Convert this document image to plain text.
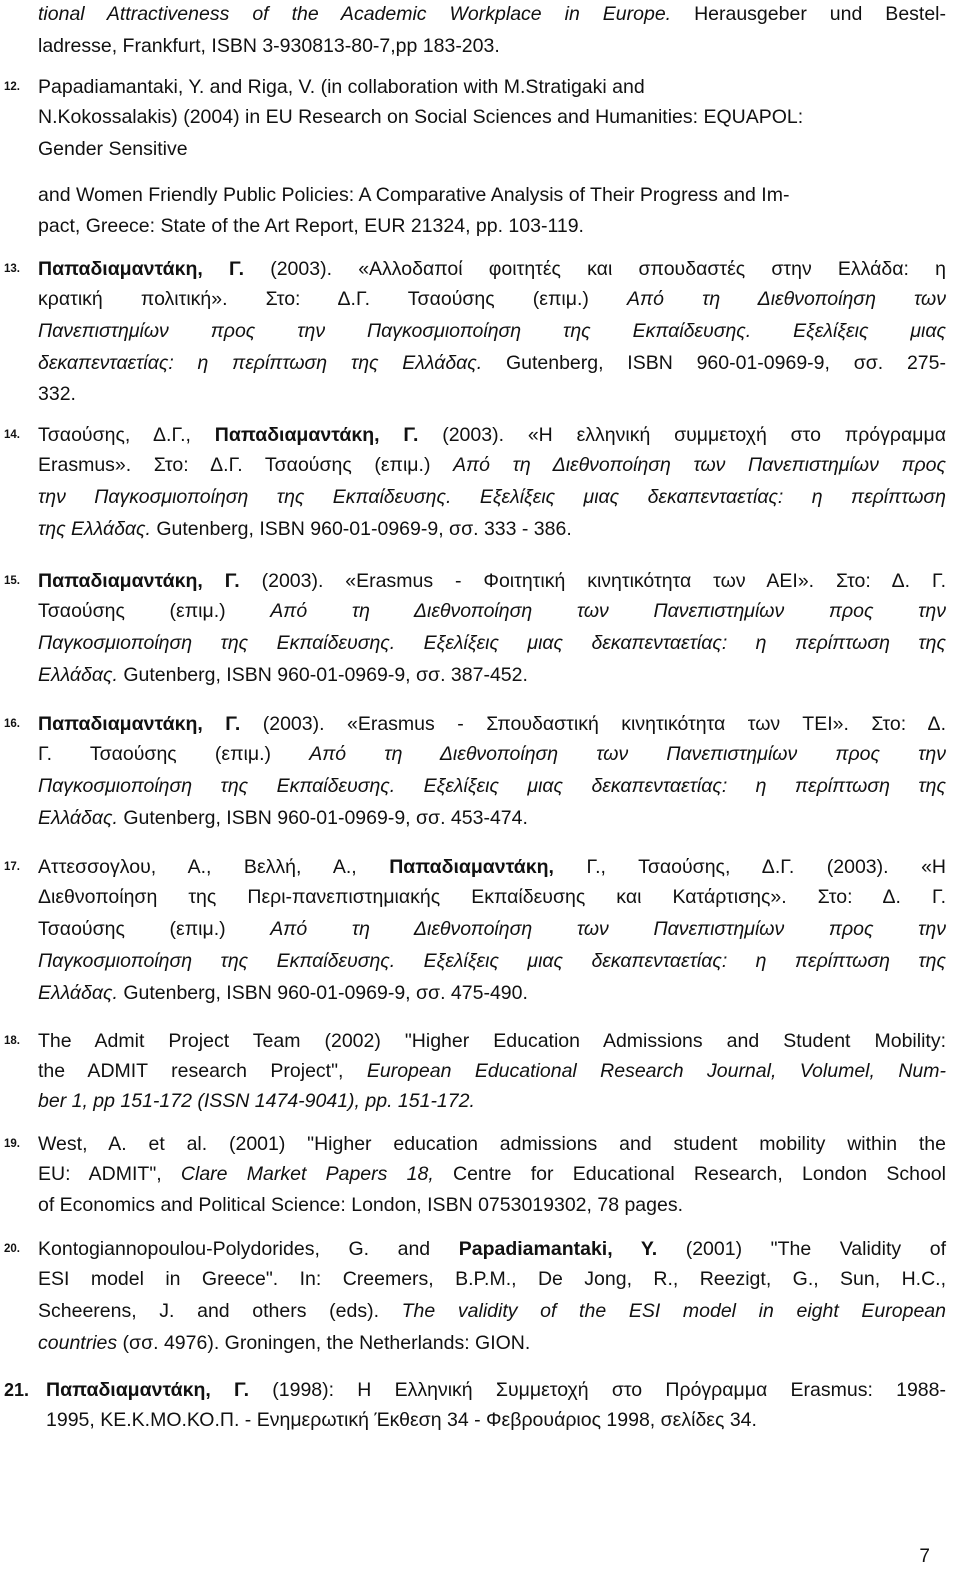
tional Attractiveness of the Academic Workplace in Europe. Herausgeber und Bestel-
ladresse, Frankfurt, ISBN 3-930813-80-7,pp 183-203.
12. Papadiamantaki, Y. and Riga, V. (in collaboration with M.Stratigaki and
N.Kokossalakis) (2004) in EU Research on Social Sciences and Humanities: EQUAPOL:
Gender Sensitive
and Women Friendly Public Policies: A Comparative Analysis of Their Progress and Im-
pact, Greece: State of the Art Report, EUR 21324, pp. 103-119.
13. Παπαδιαμαντάκη, Γ. (2003). «Αλλοδαποί φοιτητές και σπουδαστές στην Ελλάδα: η
κρατική πολιτική». Στο: Δ.Γ. Τσαούσης (επιμ.) Από τη Διεθνοποίηση των
Πανεπιστημίων προς την Παγκοσμιοποίηση της Εκπαίδευσης. Εξελίξεις μιας
δεκαπενταετίας: η περίπτωση της Ελλάδας. Gutenberg, ISBN 960-01-0969-9, σσ. 275-
332.
14. Τσαούσης, Δ.Γ., Παπαδιαμαντάκη, Γ. (2003). «Η ελληνική συμμετοχή στο πρόγραμμα
Erasmus». Στο: Δ.Γ. Τσαούσης (επιμ.) Από τη Διεθνοποίηση των Πανεπιστημίων προς
την Παγκοσμιοποίηση της Εκπαίδευσης. Εξελίξεις μιας δεκαπενταετίας: η περίπτωση
της Ελλάδας. Gutenberg, ISBN 960-01-0969-9, σσ. 333 - 386.
15. Παπαδιαμαντάκη, Γ. (2003). «Erasmus - Φοιτητική κινητικότητα των ΑΕΙ». Στο: Δ. Γ.
Τσαούσης (επιμ.) Από τη Διεθνοποίηση των Πανεπιστημίων προς την
Παγκοσμιοποίηση της Εκπαίδευσης. Εξελίξεις μιας δεκαπενταετίας: η περίπτωση της
Ελλάδας. Gutenberg, ISBN 960-01-0969-9, σσ. 387-452.
16. Παπαδιαμαντάκη, Γ. (2003). «Erasmus - Σπουδαστική κινητικότητα των ΤΕΙ». Στο: Δ.
Γ. Τσαούσης (επιμ.) Από τη Διεθνοποίηση των Πανεπιστημίων προς την
Παγκοσμιοποίηση της Εκπαίδευσης. Εξελίξεις μιας δεκαπενταετίας: η περίπτωση της
Ελλάδας. Gutenberg, ISBN 960-01-0969-9, σσ. 453-474.
17. Αττεσσογλου, Α., Βελλή, Α., Παπαδιαμαντάκη, Γ., Τσαούσης, Δ.Γ. (2003). «Η
Διεθνοποίηση της Περι-πανεπιστημιακής Εκπαίδευσης και Κατάρτισης». Στο: Δ. Γ.
Τσαούσης (επιμ.) Από τη Διεθνοποίηση των Πανεπιστημίων προς την
Παγκοσμιοποίηση της Εκπαίδευσης. Εξελίξεις μιας δεκαπενταετίας: η περίπτωση της
Ελλάδας. Gutenberg, ISBN 960-01-0969-9, σσ. 475-490.
18. The Admit Project Team (2002) "Higher Education Admissions and Student Mobility:
the ADMIT research Project", European Educational Research Journal, Volumel, Num-
ber 1, pp 151-172 (ISSN 1474-9041), pp. 151-172.
19. West, A. et al. (2001) "Higher education admissions and student mobility within the
EU: ADMIT", Clare Market Papers 18, Centre for Educational Research, London School
of Economics and Political Science: London, ISBN 0753019302, 78 pages.
20. Kontogiannopoulou-Polydorides, G. and Papadiamantaki, Y. (2001) "The Validity of
ESI model in Greece". In: Creemers, B.P.M., De Jong, R., Reezigt, G., Sun, H.C.,
Scheerens, J. and others (eds). The validity of the ESI model in eight European
countries (σσ. 4976). Groningen, the Netherlands: GION.
21. Παπαδιαμαντάκη, Γ. (1998): Η Ελληνική Συμμετοχή στο Πρόγραμμα Erasmus: 1988-
1995, ΚΕ.Κ.ΜΟ.ΚΟ.Π. - Ενημερωτική Έκθεση 34 - Φεβρουάριος 1998, σελίδες 34.
7
